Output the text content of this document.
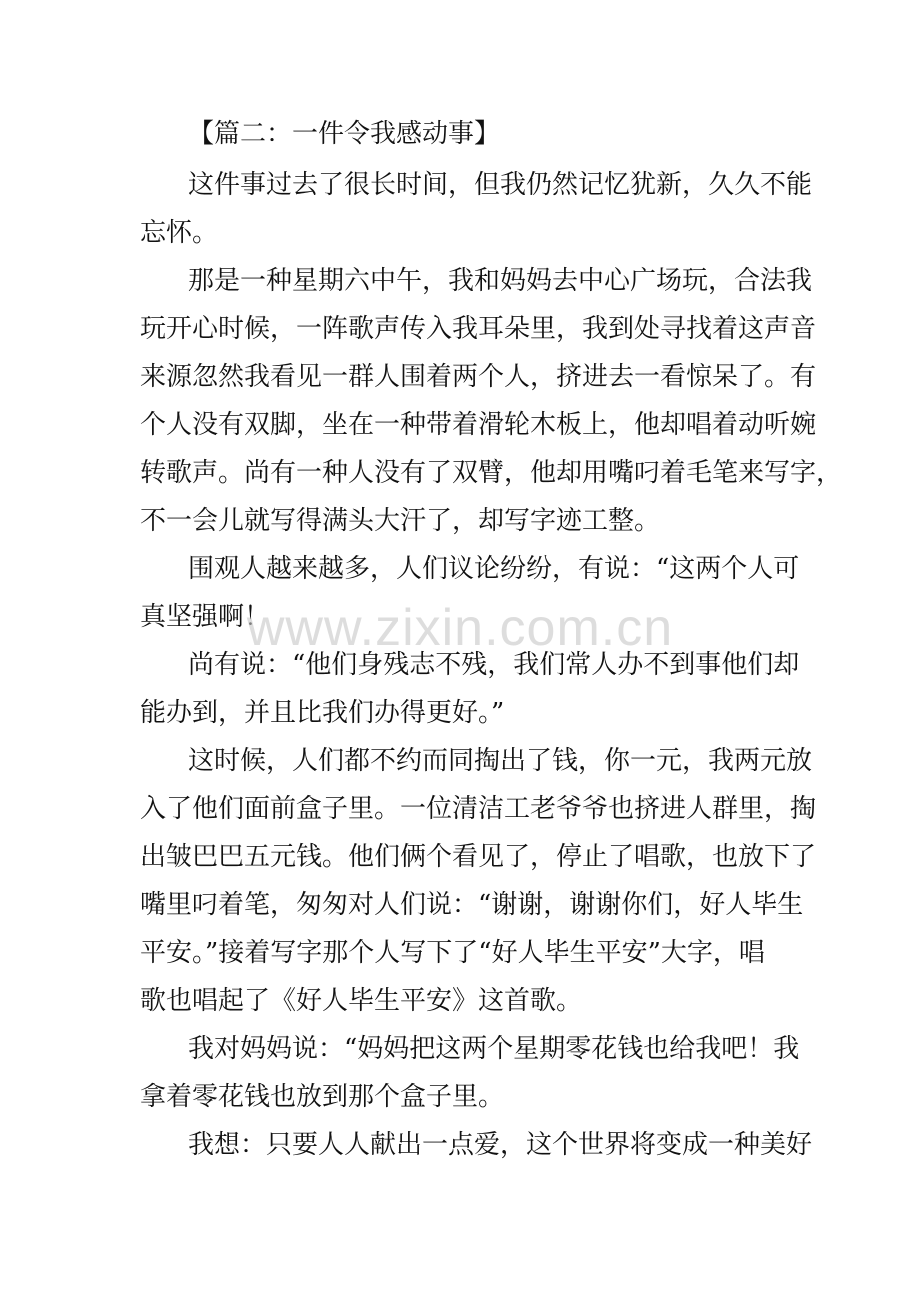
【篇二：一件令我感动事】
这件事过去了很长时间，但我仍然记忆犹新，久久不能
忘怀。
那是一种星期六中午，我和妈妈去中心广场玩，合法我
玩开心时候，一阵歌声传入我耳朵里，我到处寻找着这声音
来源忽然我看见一群人围着两个人，挤进去一看惊呆了。有
个人没有双脚，坐在一种带着滑轮木板上，他却唱着动听婉
转歌声。尚有一种人没有了双臂，他却用嘴叼着毛笔来写字，
不一会儿就写得满头大汗了，却写字迹工整。
围观人越来越多，人们议论纷纷，有说：“这两个人可
真坚强啊！
尚有说：“他们身残志不残，我们常人办不到事他们却
能办到，并且比我们办得更好。”
这时候，人们都不约而同掏出了钱，你一元，我两元放
入了他们面前盒子里。一位清洁工老爷爷也挤进人群里，掏
出皱巴巴五元钱。他们俩个看见了，停止了唱歌，也放下了
嘴里叼着笔，匆匆对人们说：“谢谢，谢谢你们，好人毕生
平安。”接着写字那个人写下了“好人毕生平安”大字，唱
歌也唱起了《好人毕生平安》这首歌。
我对妈妈说：“妈妈把这两个星期零花钱也给我吧！我
拿着零花钱也放到那个盒子里。
我想：只要人人献出一点爱，这个世界将变成一种美好
www.zixin.com.cn
